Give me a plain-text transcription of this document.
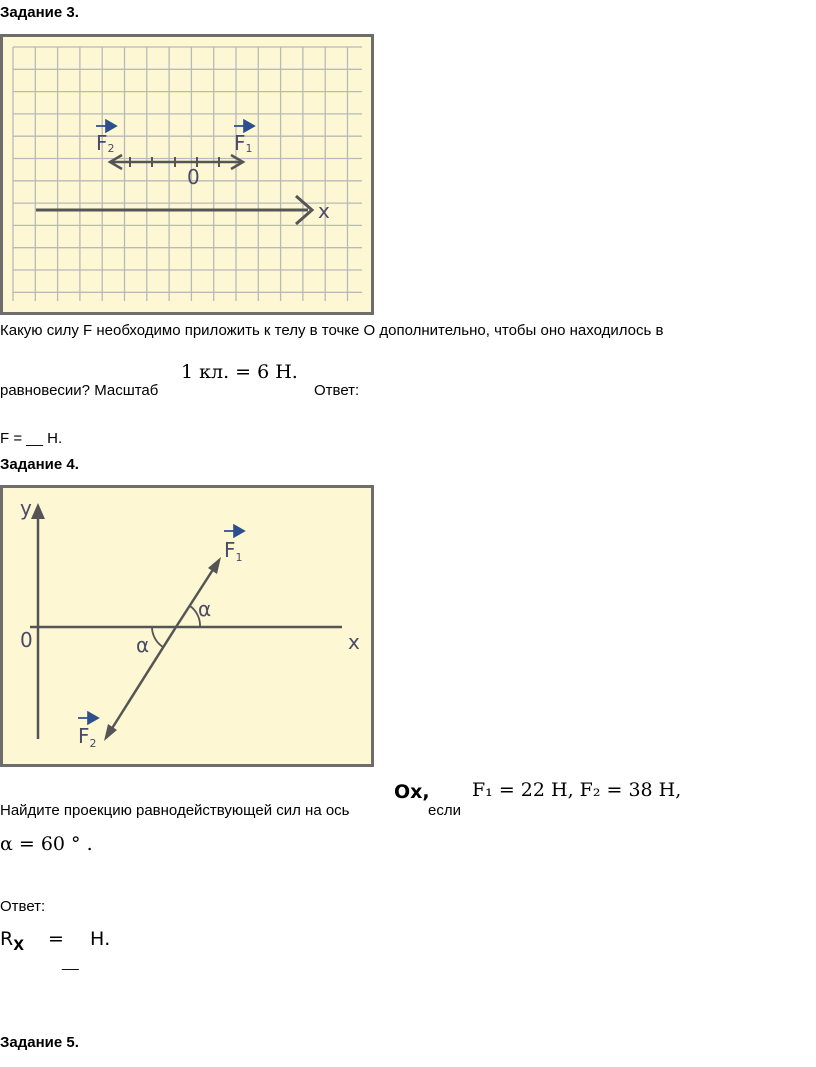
Задание 3.
F2	F1
0
x
Какую силу F необходимо приложить к телу в точке O дополнительно, чтобы оно находилось в
1 кл. = 6 Н.
равновесии? Масштаб	Ответ:
F = __ Н.
Задание 4.
y
x
0
$F_1$
$F_2$
α
α
Найдите проекцию равнодействующей сил на ось
Ox,
если
F₁ = 22 Н, F₂ = 38 Н,
α = 60 ° .
Ответ:
$R_X = Н$.
__
Задание 5.
